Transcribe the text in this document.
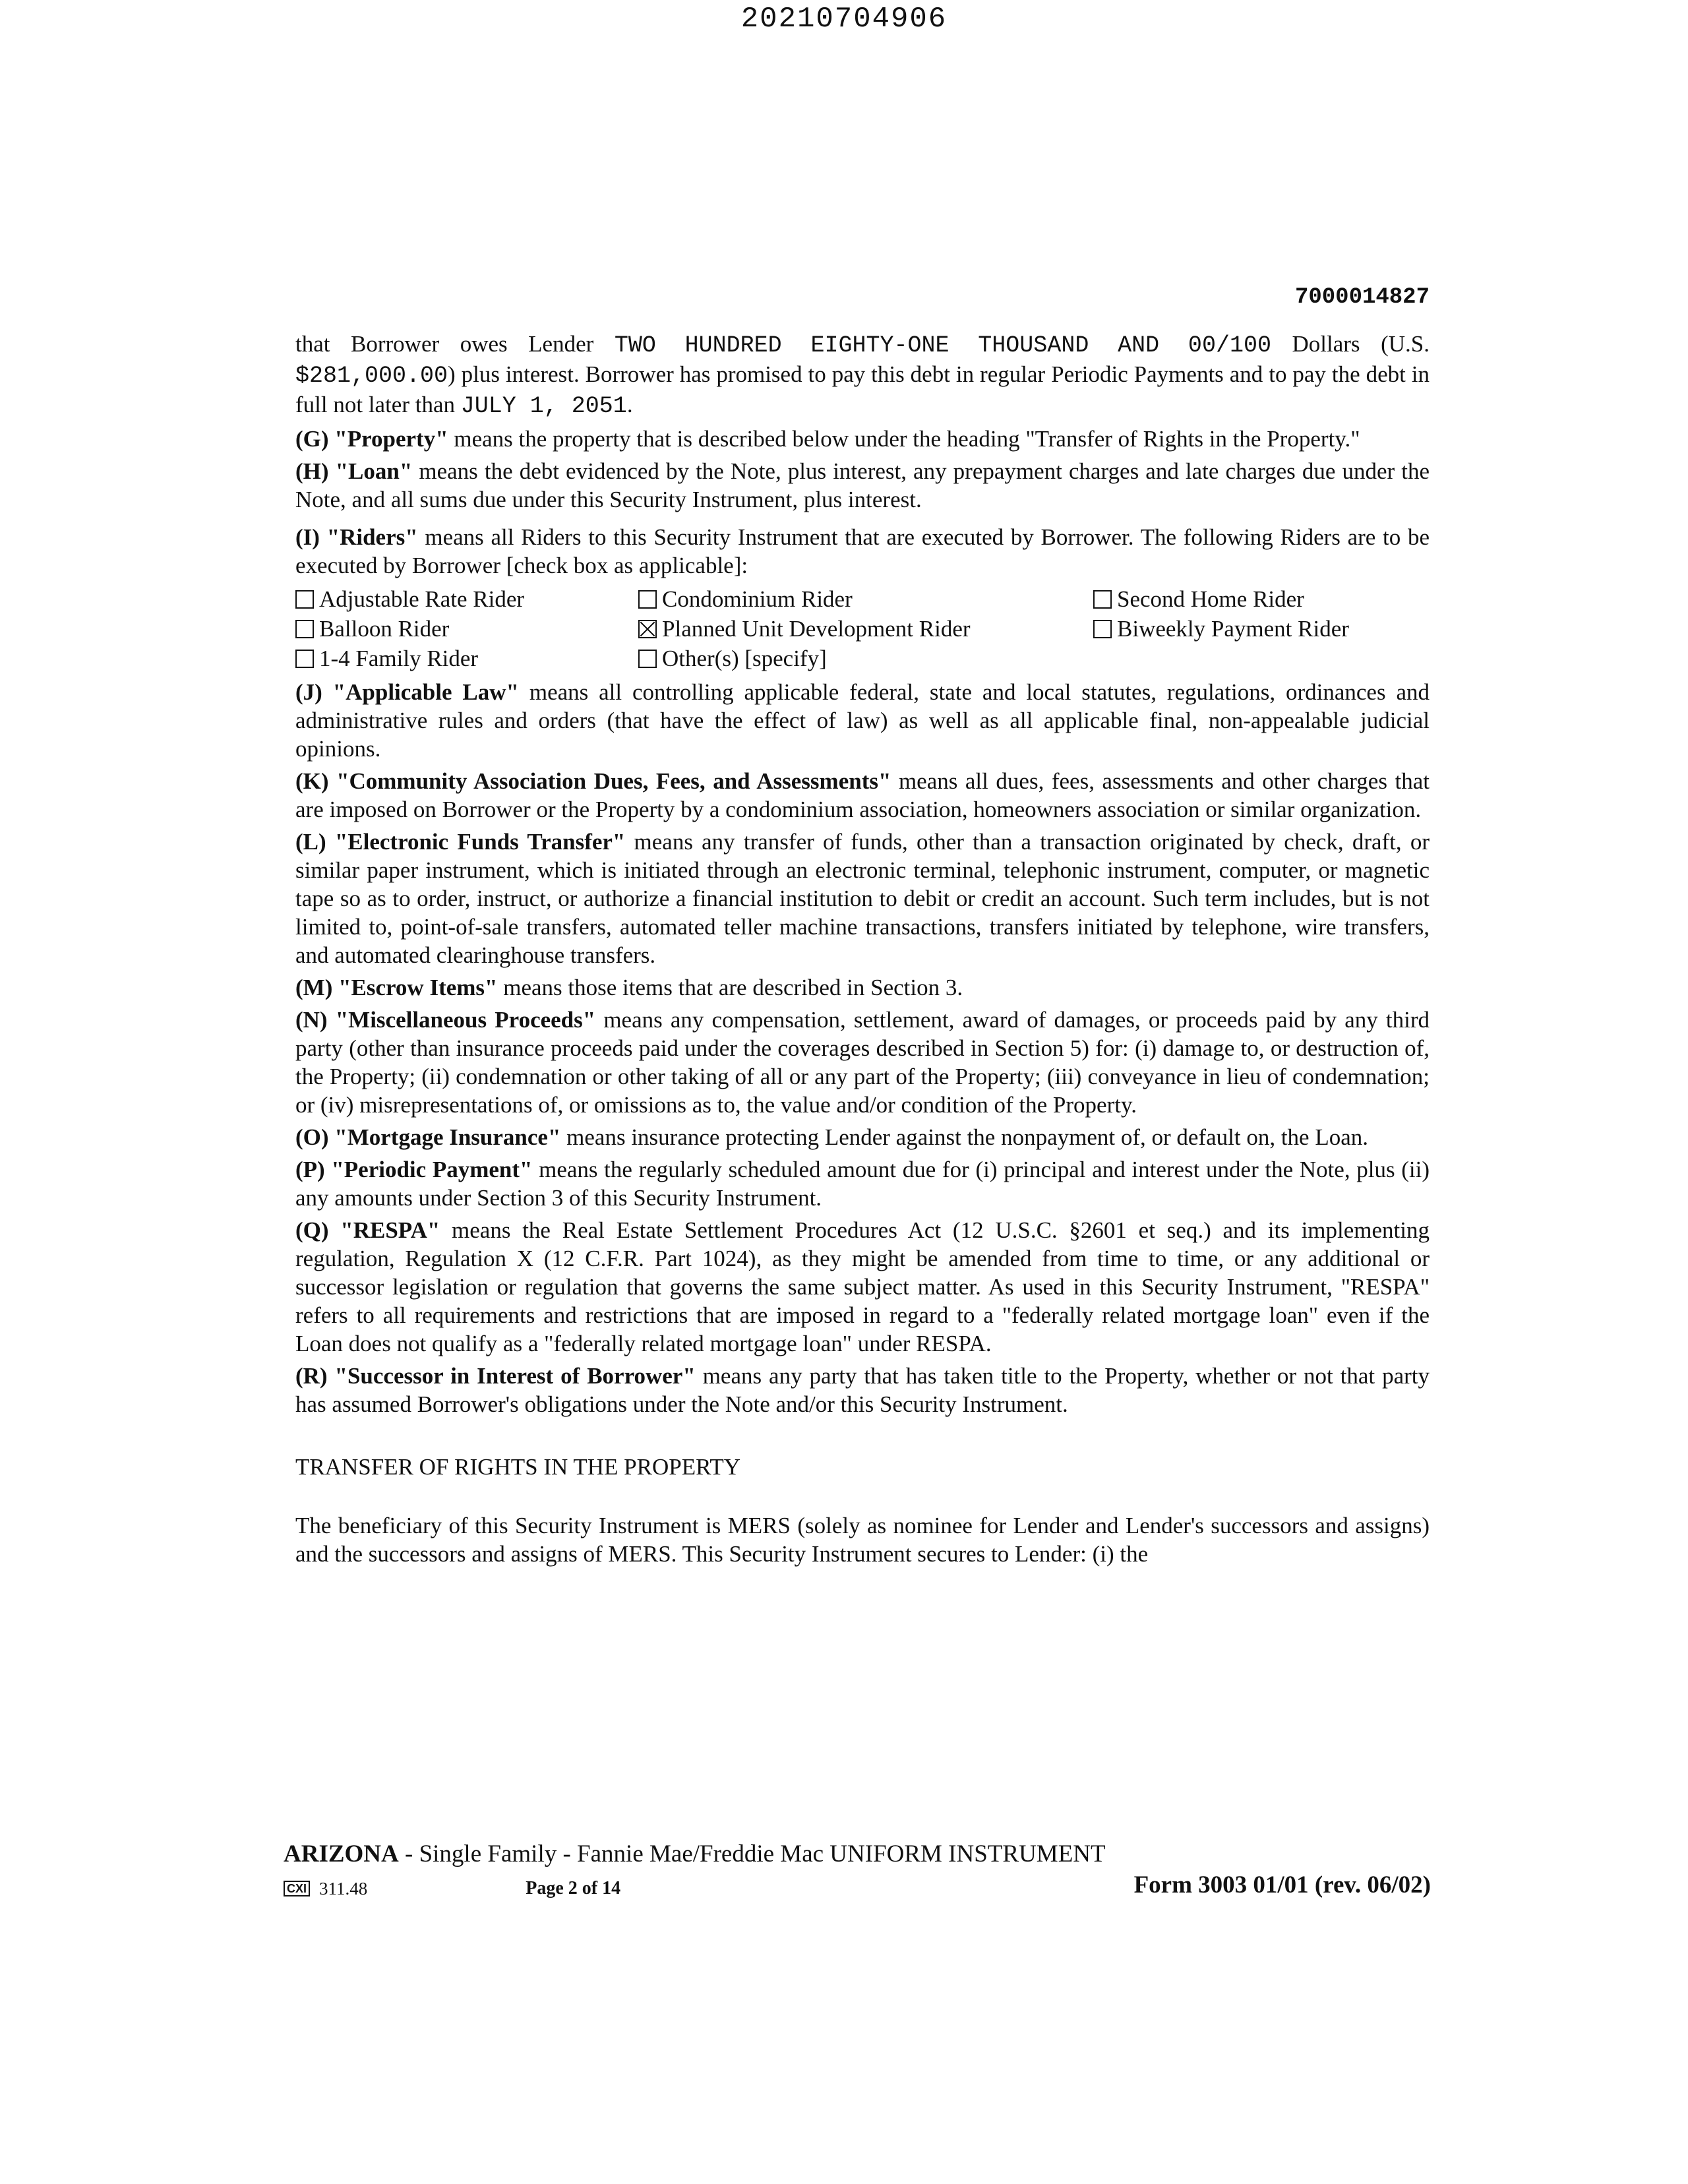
20210704906
7000014827

that Borrower owes Lender TWO HUNDRED EIGHTY-ONE THOUSAND AND 00/100 Dollars (U.S. $281,000.00) plus interest. Borrower has promised to pay this debt in regular Periodic Payments and to pay the debt in full not later than JULY 1, 2051.

(G) "Property" means the property that is described below under the heading "Transfer of Rights in the Property."

(H) "Loan" means the debt evidenced by the Note, plus interest, any prepayment charges and late charges due under the Note, and all sums due under this Security Instrument, plus interest.

(I) "Riders" means all Riders to this Security Instrument that are executed by Borrower. The following Riders are to be executed by Borrower [check box as applicable]:

Adjustable Rate Rider	Condominium Rider	Second Home Rider
Balloon Rider	Planned Unit Development Rider	Biweekly Payment Rider
1-4 Family Rider	Other(s) [specify]

(J) "Applicable Law" means all controlling applicable federal, state and local statutes, regulations, ordinances and administrative rules and orders (that have the effect of law) as well as all applicable final, non-appealable judicial opinions.

(K) "Community Association Dues, Fees, and Assessments" means all dues, fees, assessments and other charges that are imposed on Borrower or the Property by a condominium association, homeowners association or similar organization.

(L) "Electronic Funds Transfer" means any transfer of funds, other than a transaction originated by check, draft, or similar paper instrument, which is initiated through an electronic terminal, telephonic instrument, computer, or magnetic tape so as to order, instruct, or authorize a financial institution to debit or credit an account. Such term includes, but is not limited to, point-of-sale transfers, automated teller machine transactions, transfers initiated by telephone, wire transfers, and automated clearinghouse transfers.

(M) "Escrow Items" means those items that are described in Section 3.

(N) "Miscellaneous Proceeds" means any compensation, settlement, award of damages, or proceeds paid by any third party (other than insurance proceeds paid under the coverages described in Section 5) for: (i) damage to, or destruction of, the Property; (ii) condemnation or other taking of all or any part of the Property; (iii) conveyance in lieu of condemnation; or (iv) misrepresentations of, or omissions as to, the value and/or condition of the Property.

(O) "Mortgage Insurance" means insurance protecting Lender against the nonpayment of, or default on, the Loan.

(P) "Periodic Payment" means the regularly scheduled amount due for (i) principal and interest under the Note, plus (ii) any amounts under Section 3 of this Security Instrument.

(Q) "RESPA" means the Real Estate Settlement Procedures Act (12 U.S.C. §2601 et seq.) and its implementing regulation, Regulation X (12 C.F.R. Part 1024), as they might be amended from time to time, or any additional or successor legislation or regulation that governs the same subject matter. As used in this Security Instrument, "RESPA" refers to all requirements and restrictions that are imposed in regard to a "federally related mortgage loan" even if the Loan does not qualify as a "federally related mortgage loan" under RESPA.

(R) "Successor in Interest of Borrower" means any party that has taken title to the Property, whether or not that party has assumed Borrower's obligations under the Note and/or this Security Instrument.

TRANSFER OF RIGHTS IN THE PROPERTY

The beneficiary of this Security Instrument is MERS (solely as nominee for Lender and Lender's successors and assigns) and the successors and assigns of MERS. This Security Instrument secures to Lender: (i) the

ARIZONA - Single Family - Fannie Mae/Freddie Mac UNIFORM INSTRUMENT
CXI 311.48	Page 2 of 14	Form 3003 01/01 (rev. 06/02)
